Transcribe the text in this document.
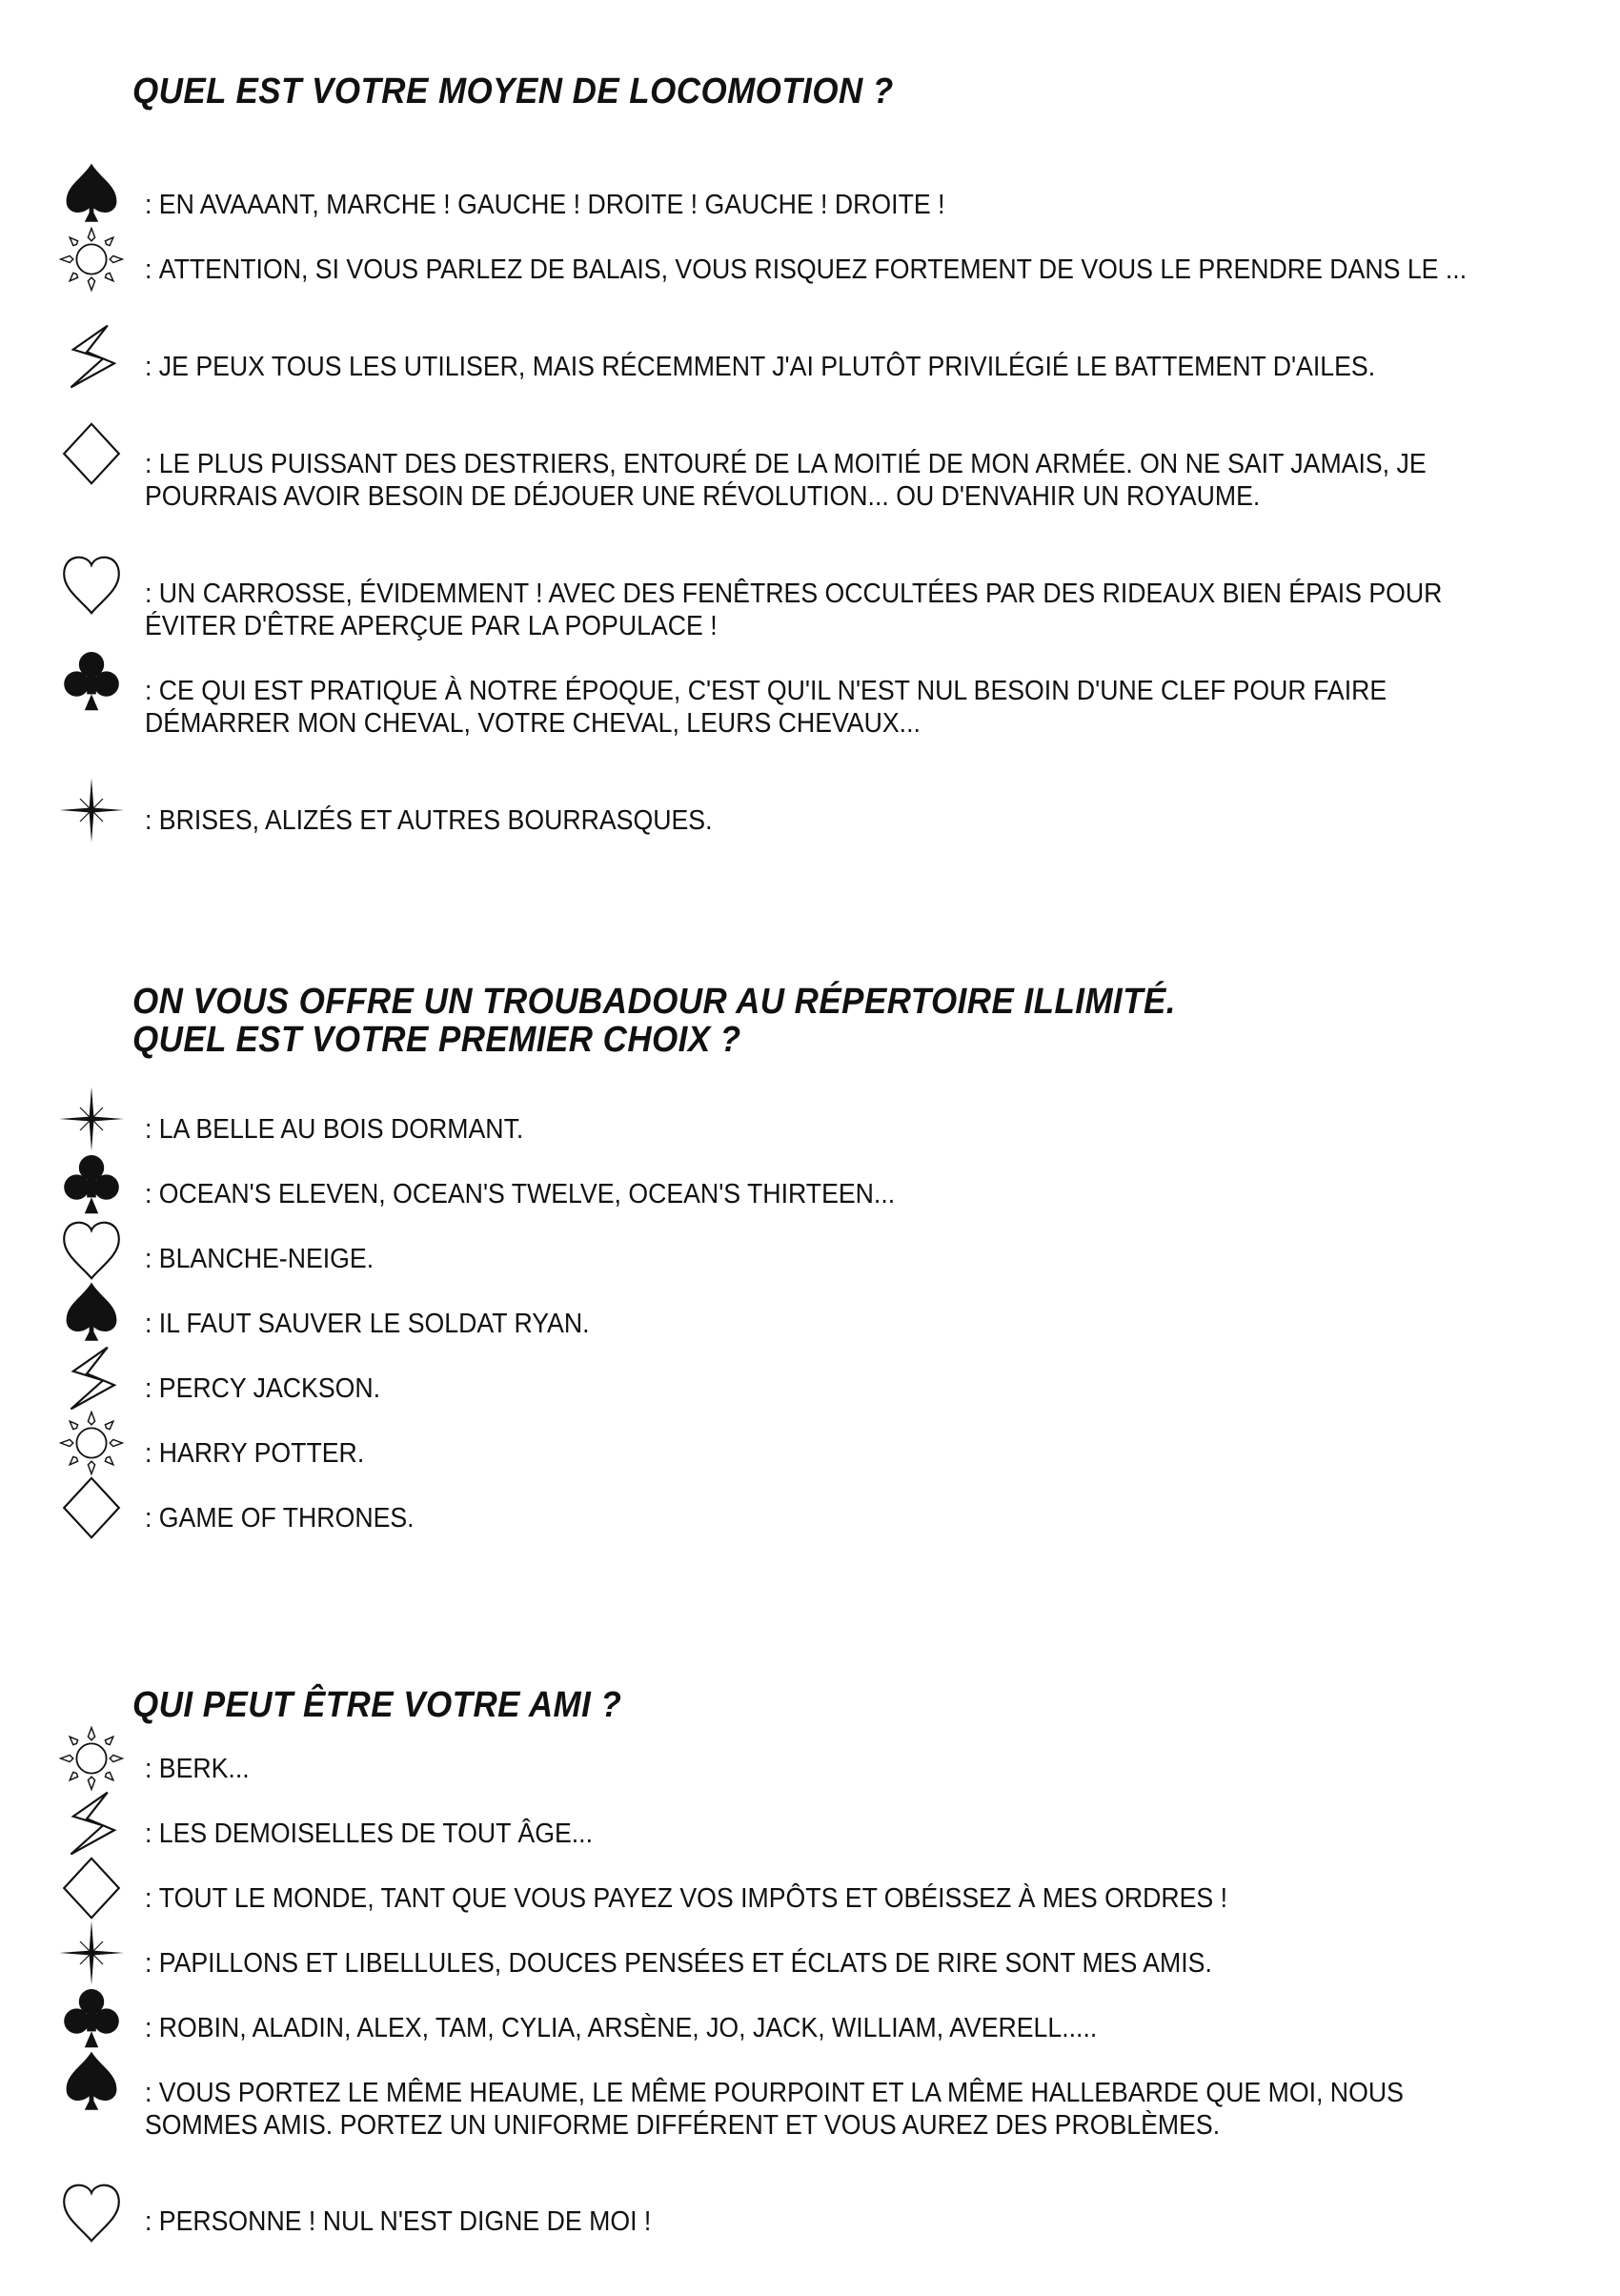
QUEL EST VOTRE MOYEN DE LOCOMOTION ?
: EN AVAAANT, MARCHE ! GAUCHE ! DROITE ! GAUCHE ! DROITE !
: ATTENTION, SI VOUS PARLEZ DE BALAIS, VOUS RISQUEZ FORTEMENT DE VOUS LE PRENDRE DANS LE ...
: JE PEUX TOUS LES UTILISER, MAIS RÉCEMMENT J'AI PLUTÔT PRIVILÉGIÉ LE BATTEMENT D'AILES.
: LE PLUS PUISSANT DES DESTRIERS, ENTOURÉ DE LA MOITIÉ DE MON ARMÉE. ON NE SAIT JAMAIS, JE POURRAIS AVOIR BESOIN DE DÉJOUER UNE RÉVOLUTION... OU D'ENVAHIR UN ROYAUME.
: UN CARROSSE, ÉVIDEMMENT ! AVEC DES FENÊTRES OCCULTÉES PAR DES RIDEAUX BIEN ÉPAIS POUR ÉVITER D'ÊTRE APERÇUE PAR LA POPULACE !
: CE QUI EST PRATIQUE À NOTRE ÉPOQUE, C'EST QU'IL N'EST NUL BESOIN D'UNE CLEF POUR FAIRE DÉMARRER MON CHEVAL, VOTRE CHEVAL, LEURS CHEVAUX...
: BRISES, ALIZÉS ET AUTRES BOURRASQUES.
ON VOUS OFFRE UN TROUBADOUR AU RÉPERTOIRE ILLIMITÉ.
QUEL EST VOTRE PREMIER CHOIX ?
: LA BELLE AU BOIS DORMANT.
: OCEAN'S ELEVEN, OCEAN'S TWELVE, OCEAN'S THIRTEEN...
: BLANCHE-NEIGE.
: IL FAUT SAUVER LE SOLDAT RYAN.
: PERCY JACKSON.
: HARRY POTTER.
: GAME OF THRONES.
QUI PEUT ÊTRE VOTRE AMI ?
: BERK...
: LES DEMOISELLES DE TOUT ÂGE...
: TOUT LE MONDE, TANT QUE VOUS PAYEZ VOS IMPÔTS ET OBÉISSEZ À MES ORDRES !
: PAPILLONS ET LIBELLULES, DOUCES PENSÉES ET ÉCLATS DE RIRE SONT MES AMIS.
: ROBIN, ALADIN, ALEX, TAM, CYLIA, ARSÈNE, JO, JACK, WILLIAM, AVERELL.....
: VOUS PORTEZ LE MÊME HEAUME, LE MÊME POURPOINT ET LA MÊME HALLEBARDE QUE MOI, NOUS SOMMES AMIS. PORTEZ UN UNIFORME DIFFÉRENT ET VOUS AUREZ DES PROBLÈMES.
: PERSONNE ! NUL N'EST DIGNE DE MOI !
